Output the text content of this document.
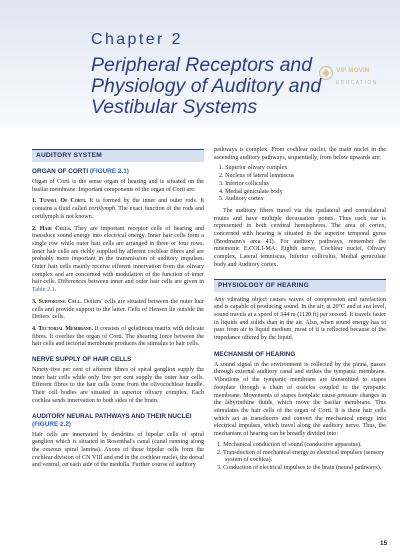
Chapter 2
Peripheral Receptors and Physiology of Auditory and Vestibular Systems
VIP MOVIN
EDUCATION
AUDITORY SYSTEM
ORGAN OF CORTI (FIGURE 2.1)

Organ of Corti is the sense organ of hearing and is situated on the basilar membrane. Important components of the organ of Corti are:

1. Tunnel Of Corti. It is formed by the inner and outer rods. It contains a fluid called cortilymph. The exact function of the rods and cortilymph is not known.

2. Hair Cells. They are important receptor cells of hearing and transduce sound energy into electrical energy. Inner hair cells form a single row while outer hair cells are arranged in three or four rows. Inner hair cells are richly supplied by afferent cochlear fibres and are probably more important in the transmission of auditory impulses. Outer hair cells mainly receive efferent innervation from the olivary complex and are concerned with modulation of the function of inner hair cells. Differences between inner and outer hair cells are given in Table 2.1.

3. Supporting Cell. Deiters' cells are situated between the outer hair cells and provide support to the latter. Cells of Hensen lie outside the Deiters' cells.

4. Tectorial Membrane. It consists of gelatinous matrix with delicate fibres. It overlies the organ of Corti. The shearing force between the hair cells and tectorial membrane produces the stimulus to hair cells.

NERVE SUPPLY OF HAIR CELLS

Ninety-five per cent of afferent fibres of spiral ganglion supply the inner hair cells while only five per cent supply the outer hair cells. Efferent fibres to the hair cells come from the olivocochlear bundle. Their cell bodies are situated in superior olivary complex. Each cochlea sends innervation to both sides of the brain.

AUDITORY NEURAL PATHWAYS AND THEIR NUCLEI (FIGURE 2.2)

Hair cells are innervated by dendrites of bipolar cells of spiral ganglion which is situated in Rosenthal's canal (canal running along the osseous spiral lamina). Axons of these bipolar cells form the cochlear division of CN VIII and end in the cochlear nuclei, the dorsal and ventral, on each side of the medulla. Further course of auditory

pathways is complex. From cochlear nuclei, the main nuclei in the ascending auditory pathways, sequentially, from below upwards are:

1. Superior olivary complex
2. Nucleus of lateral lemniscus
3. Inferior colliculus
4. Medial geniculate body
5. Auditory cortex

The auditory fibres travel via the ipsilateral and contralateral routes and have multiple decussation points. Thus each ear is represented in both cerebral hemispheres. The area of cortex, concerned with hearing is situated in the superior temporal gyrus (Brodmann's area 41). For auditory pathways, remember the mnemonic E.COLI-MA: Eighth nerve, Cochlear nuclei, Olivary complex, Lateral lemniscus, Inferior colliculus, Medial geniculate body and Auditory cortex.

PHYSIOLOGY OF HEARING

Any vibrating object causes waves of compression and rarefaction and is capable of producing sound. In the air, at 20°C and at sea level, sound travels at a speed of 344 m (1120 ft) per second. It travels faster in liquids and solids than in the air. Also, when sound energy has to pass from air to liquid medium, most of it is reflected because of the impedance offered by the liquid.

MECHANISM OF HEARING

A sound signal in the environment is collected by the pinna, passes through external auditory canal and strikes the tympanic membrane. Vibrations of the tympanic membrane are transmitted to stapes footplate through a chain of ossicles coupled to the tympanic membrane. Movements of stapes footplate cause pressure changes in the labyrinthine fluids, which move the basilar membrane. This stimulates the hair cells of the organ of Corti. It is these hair cells which act as transducers and convert the mechanical energy into electrical impulses, which travel along the auditory nerve. Thus, the mechanism of hearing can be broadly divided into:

1. Mechanical conduction of sound (conductive apparatus).
2. Transduction of mechanical energy to electrical impulses (sensory system of cochlea).
3. Conduction of electrical impulses to the brain (neural pathways).
15
